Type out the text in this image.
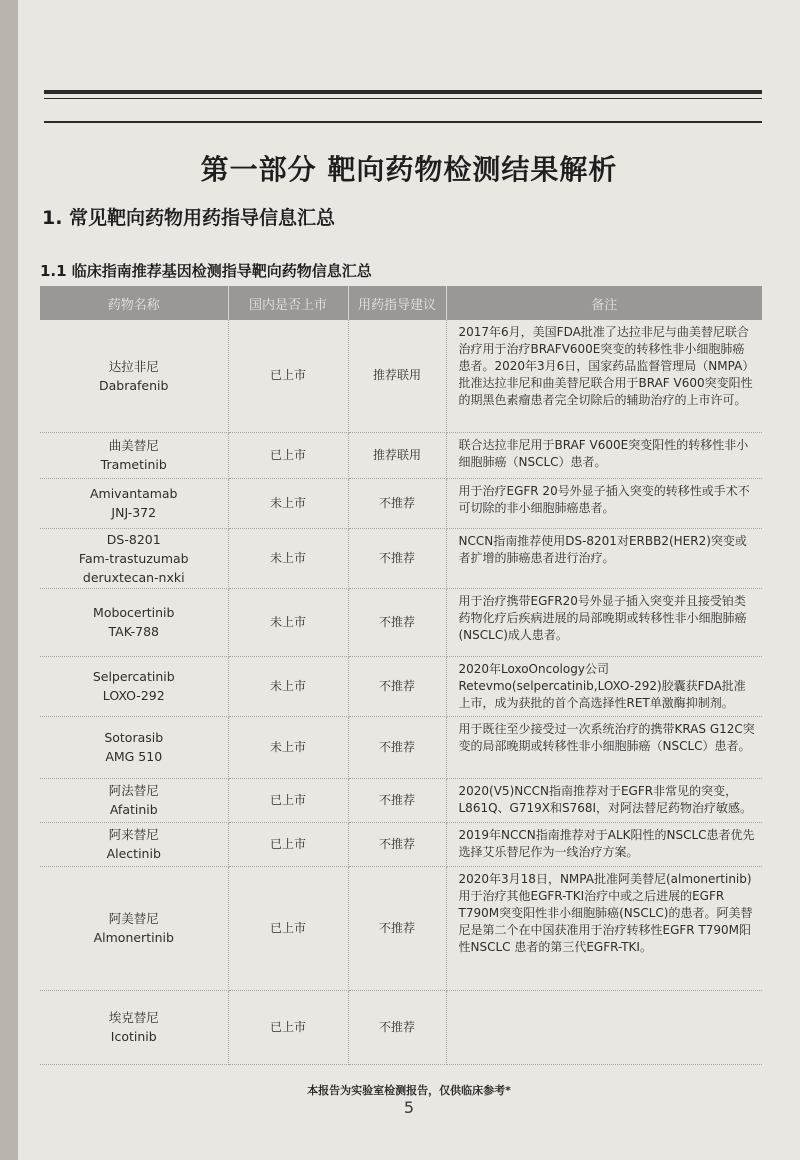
第一部分 靶向药物检测结果解析
1. 常见靶向药物用药指导信息汇总
1.1 临床指南推荐基因检测指导靶向药物信息汇总
药物名称	国内是否上市	用药指导建议	备注

达拉非尼
Dabrafenib	已上市	推荐联用	2017年6月，美国FDA批准了达拉非尼与曲美替尼联合治疗用于治疗BRAFV600E突变的转移性非小细胞肺癌患者。2020年3月6日，国家药品监督管理局（NMPA）批准达拉非尼和曲美替尼联合用于BRAF V600突变阳性的期黑色素瘤患者完全切除后的辅助治疗的上市许可。

曲美替尼
Trametinib	已上市	推荐联用	联合达拉非尼用于BRAF V600E突变阳性的转移性非小细胞肺癌（NSCLC）患者。

Amivantamab
JNJ-372	未上市	不推荐	用于治疗EGFR 20号外显子插入突变的转移性或手术不可切除的非小细胞肺癌患者。

DS-8201
Fam-trastuzumab deruxtecan-nxki	未上市	不推荐	NCCN指南推荐使用DS-8201对ERBB2(HER2)突变或者扩增的肺癌患者进行治疗。

Mobocertinib
TAK-788	未上市	不推荐	用于治疗携带EGFR20号外显子插入突变并且接受铂类药物化疗后疾病进展的局部晚期或转移性非小细胞肺癌(NSCLC)成人患者。

Selpercatinib
LOXO-292	未上市	不推荐	2020年LoxoOncology公司Retevmo(selpercatinib,LOXO-292)胶囊获FDA批准上市，成为获批的首个高选择性RET单激酶抑制剂。

Sotorasib
AMG 510	未上市	不推荐	用于既往至少接受过一次系统治疗的携带KRAS G12C突变的局部晚期或转移性非小细胞肺癌（NSCLC）患者。

阿法替尼
Afatinib	已上市	不推荐	2020(V5)NCCN指南推荐对于EGFR非常见的突变，L861Q、G719X和S768I，对阿法替尼药物治疗敏感。

阿来替尼
Alectinib	已上市	不推荐	2019年NCCN指南推荐对于ALK阳性的NSCLC患者优先选择艾乐替尼作为一线治疗方案。

阿美替尼
Almonertinib	已上市	不推荐	2020年3月18日，NMPA批准阿美替尼(almonertinib)用于治疗其他EGFR-TKI治疗中或之后进展的EGFR T790M突变阳性非小细胞肺癌(NSCLC)的患者。阿美替尼是第二个在中国获准用于治疗转移性EGFR T790M阳性NSCLC 患者的第三代EGFR-TKI。

埃克替尼
Icotinib	已上市	不推荐	
本报告为实验室检测报告，仅供临床参考*
5
